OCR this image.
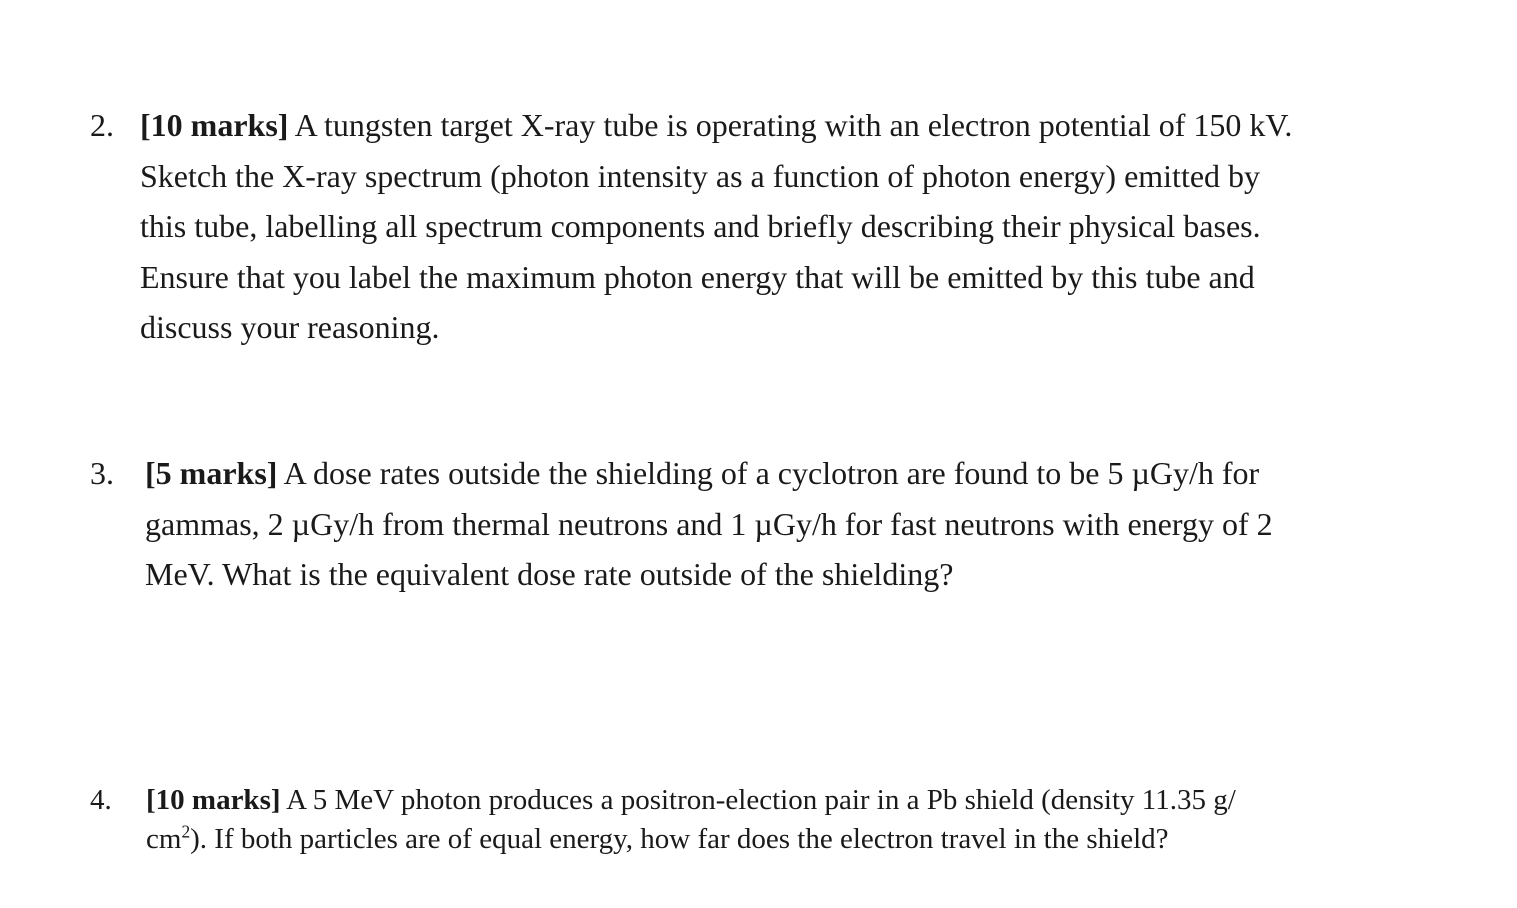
2. [10 marks] A tungsten target X-ray tube is operating with an electron potential of 150 kV.
Sketch the X-ray spectrum (photon intensity as a function of photon energy) emitted by
this tube, labelling all spectrum components and briefly describing their physical bases.
Ensure that you label the maximum photon energy that will be emitted by this tube and
discuss your reasoning.
3. [5 marks] A dose rates outside the shielding of a cyclotron are found to be 5 µGy/h for
gammas, 2 µGy/h from thermal neutrons and 1 µGy/h for fast neutrons with energy of 2
MeV. What is the equivalent dose rate outside of the shielding?
4. [10 marks] A 5 MeV photon produces a positron-election pair in a Pb shield (density 11.35 g/
$cm^2$). If both particles are of equal energy, how far does the electron travel in the shield?
